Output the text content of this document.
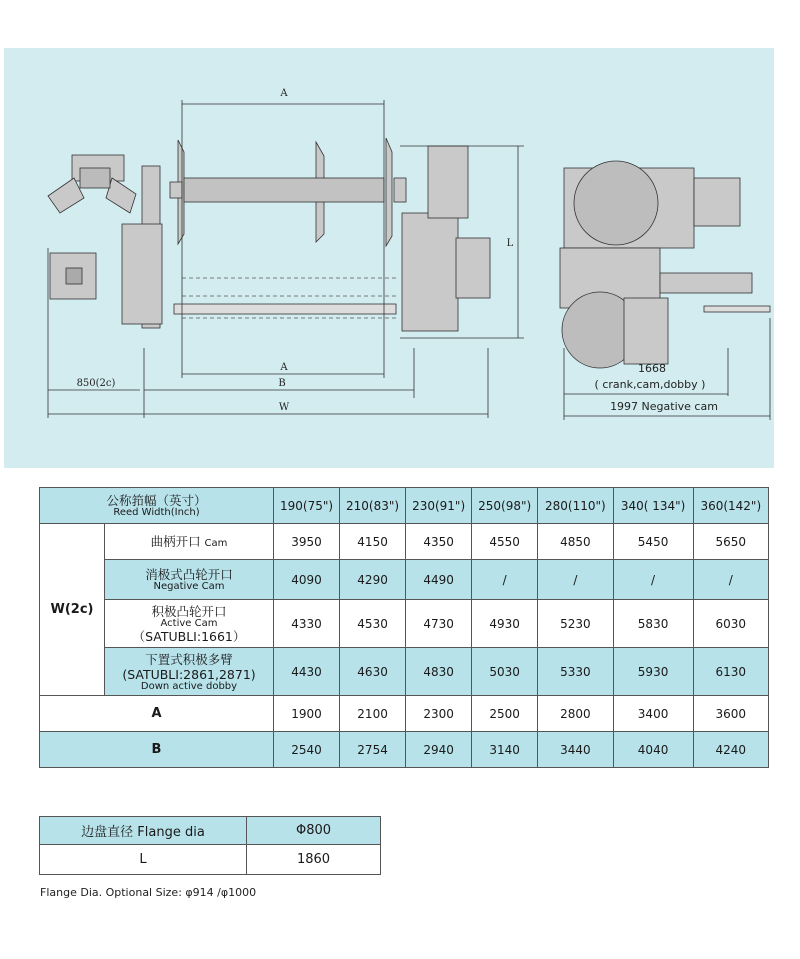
A
A
B
W
L
850(2c)
1668
( crank,cam,dobby )
1997 Negative cam
公称筘幅（英寸）
Reed Width(Inch)		190(75")	210(83")	230(91")	250(98")	280(110")	340( 134")	360(142")
W(2c)	曲柄开口 Cam	3950	4150	4350	4550	4850	5450	5650

	消极式凸轮开口
Negative Cam	4090	4290	4490	/	/	/	/

	积极凸轮开口
Active Cam
（SATUBLI:1661）	4330	4530	4730	4930	5230	5830	6030

	下置式积极多臂
(SATUBLI:2861,2871)
Down active dobby	4430	4630	4830	5030	5330	5930	6130
A		1900	2100	2300	2500	2800	3400	3600
B		2540	2754	2940	3140	3440	4040	4240
边盘直径 Flange dia	Φ800
L	1860
Flange Dia. Optional Size: φ914 /φ1000
